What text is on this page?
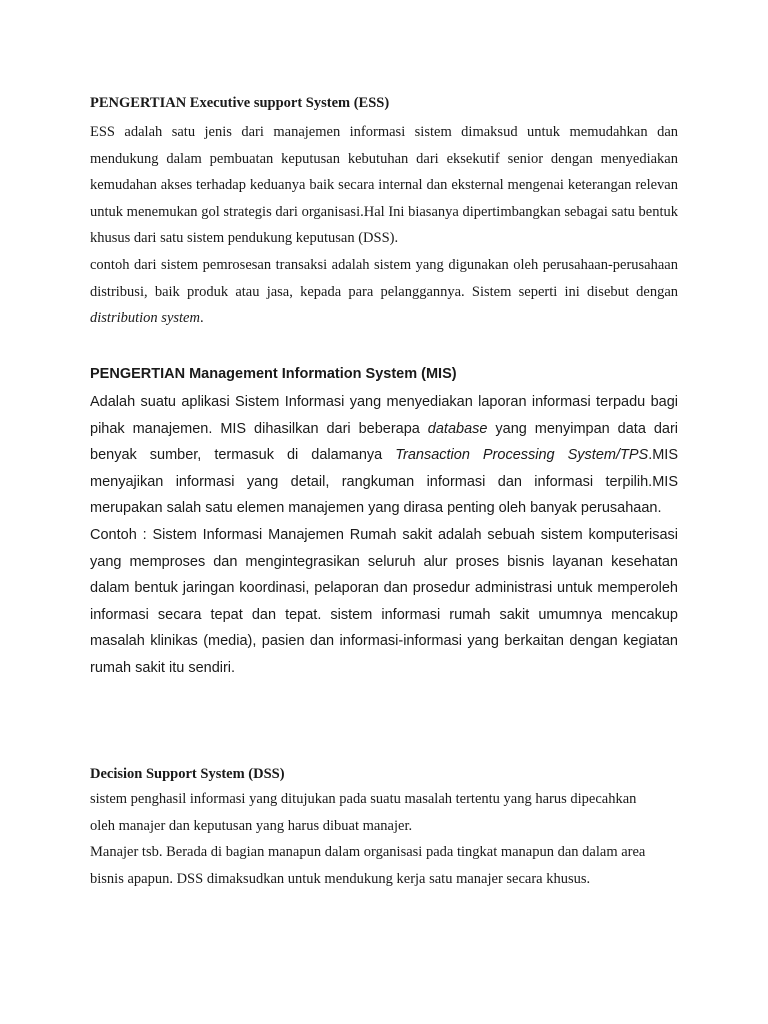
PENGERTIAN Executive support System (ESS)

ESS adalah satu jenis dari manajemen informasi sistem dimaksud untuk memudahkan dan mendukung dalam pembuatan keputusan kebutuhan dari eksekutif senior dengan menyediakan kemudahan akses terhadap keduanya baik secara internal dan eksternal mengenai keterangan relevan untuk menemukan gol strategis dari organisasi.Hal Ini biasanya dipertimbangkan sebagai satu bentuk khusus dari satu sistem pendukung keputusan (DSS).

contoh dari sistem pemrosesan transaksi adalah sistem yang digunakan oleh perusahaan-perusahaan distribusi, baik produk atau jasa, kepada para pelanggannya. Sistem seperti ini disebut dengan distribution system.

PENGERTIAN Management Information System (MIS)

Adalah suatu aplikasi Sistem Informasi yang menyediakan laporan informasi terpadu bagi pihak manajemen. MIS dihasilkan dari beberapa database yang menyimpan data dari benyak sumber, termasuk di dalamanya Transaction Processing System/TPS.MIS menyajikan informasi yang detail, rangkuman informasi dan informasi terpilih.MIS merupakan salah satu elemen manajemen yang dirasa penting oleh banyak perusahaan.

Contoh : Sistem Informasi Manajemen Rumah sakit adalah sebuah sistem komputerisasi yang memproses dan mengintegrasikan seluruh alur proses bisnis layanan kesehatan dalam bentuk jaringan koordinasi, pelaporan dan prosedur administrasi untuk memperoleh informasi secara tepat dan tepat. sistem informasi rumah sakit umumnya mencakup masalah klinikas (media), pasien dan informasi-informasi yang berkaitan dengan kegiatan rumah sakit itu sendiri.

Decision Support System (DSS)

sistem penghasil informasi yang ditujukan pada suatu masalah tertentu yang harus dipecahkan
oleh manajer dan keputusan yang harus dibuat manajer.
Manajer tsb. Berada di bagian manapun dalam organisasi pada tingkat manapun dan dalam area
bisnis apapun. DSS dimaksudkan untuk mendukung kerja satu manajer secara khusus.
